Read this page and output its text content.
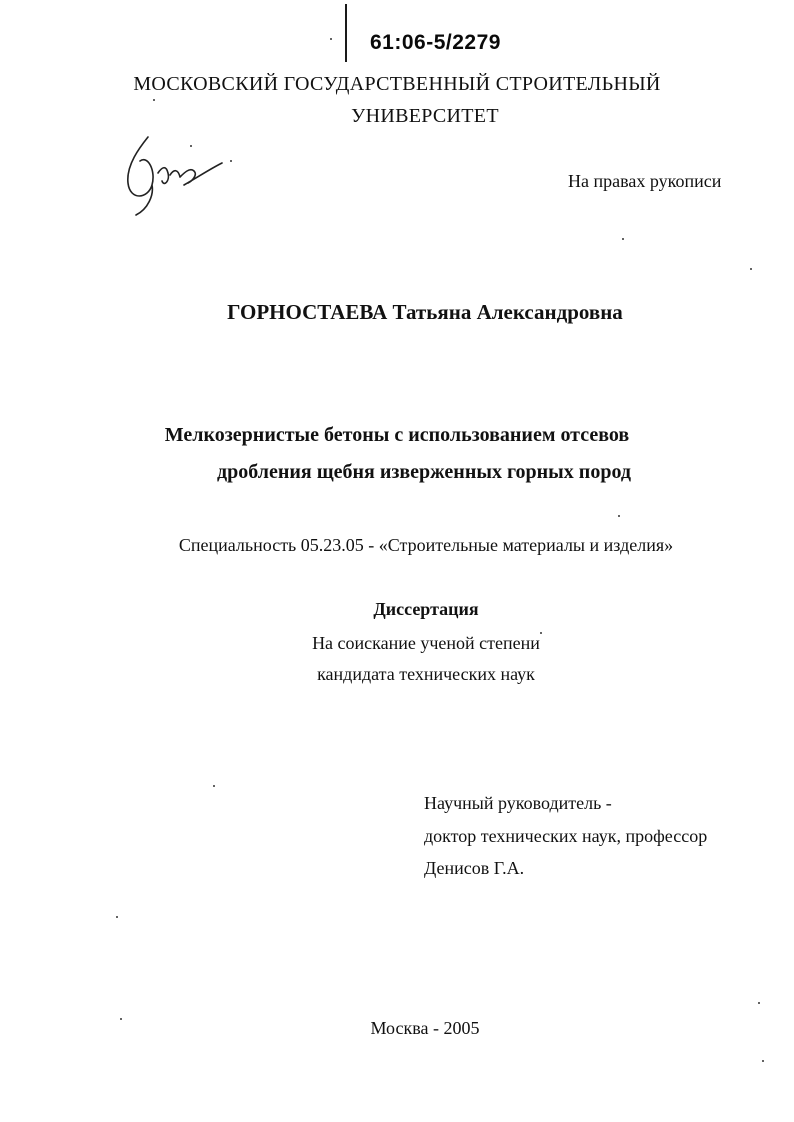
61:06-5/2279
МОСКОВСКИЙ ГОСУДАРСТВЕННЫЙ СТРОИТЕЛЬНЫЙ
УНИВЕРСИТЕТ
На правах рукописи
ГОРНОСТАЕВА Татьяна Александровна
Мелкозернистые бетоны с использованием отсевов
дробления щебня изверженных горных пород
Специальность 05.23.05 - «Строительные материалы и изделия»
Диссертация
На соискание ученой степени
кандидата технических наук
Научный руководитель -
доктор технических наук, профессор
Денисов Г.А.
Москва - 2005
